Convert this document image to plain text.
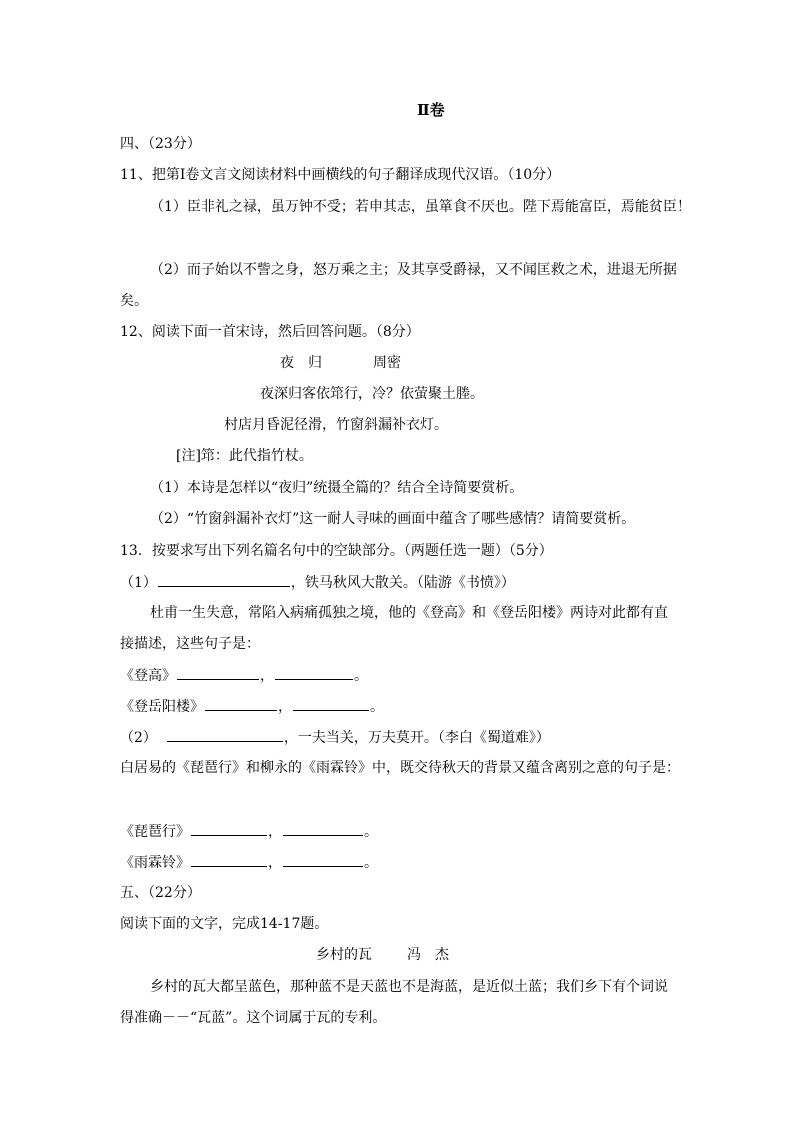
Ⅱ卷
四、（23分）
11、把第Ⅰ卷文言文阅读材料中画横线的句子翻译成现代汉语。（10分）
（1）臣非礼之禄，虽万钟不受；若申其志，虽箪食不厌也。陛下焉能富臣，焉能贫臣！
（2）而子始以不訾之身，怒万乘之主；及其享受爵禄，又不闻匡救之术，进退无所据
矣。
12、阅读下面一首宋诗，然后回答问题。（8分）
夜　归	周密
夜深归客依筇行，冷？依萤聚土塍。
村店月昏泥径滑，竹窗斜漏补衣灯。
[注]筇：此代指竹杖。
（1）本诗是怎样以“夜归”统摄全篇的？结合全诗简要赏析。
（2）“竹窗斜漏补衣灯”这一耐人寻味的画面中蕴含了哪些感情？请简要赏析。
13．按要求写出下列名篇名句中的空缺部分。（两题任选一题）（5分）
（1）	，铁马秋风大散关。（陆游《书愤》）
杜甫一生失意，常陷入病痛孤独之境，他的《登高》和《登岳阳楼》两诗对此都有直
接描述，这些句子是：
《登高》	，	。
《登岳阳楼》	，	。
（2）	，一夫当关，万夫莫开。（李白《蜀道难》）
白居易的《琵琶行》和柳永的《雨霖铃》中，既交待秋天的背景又蕴含离别之意的句子是：
《琵琶行》	，	。
《雨霖铃》	，	。
五、（22分）
阅读下面的文字，完成14-17题。
乡村的瓦	冯　杰
乡村的瓦大都呈蓝色，那种蓝不是天蓝也不是海蓝，是近似土蓝；我们乡下有个词说
得准确－－“瓦蓝”。这个词属于瓦的专利。
